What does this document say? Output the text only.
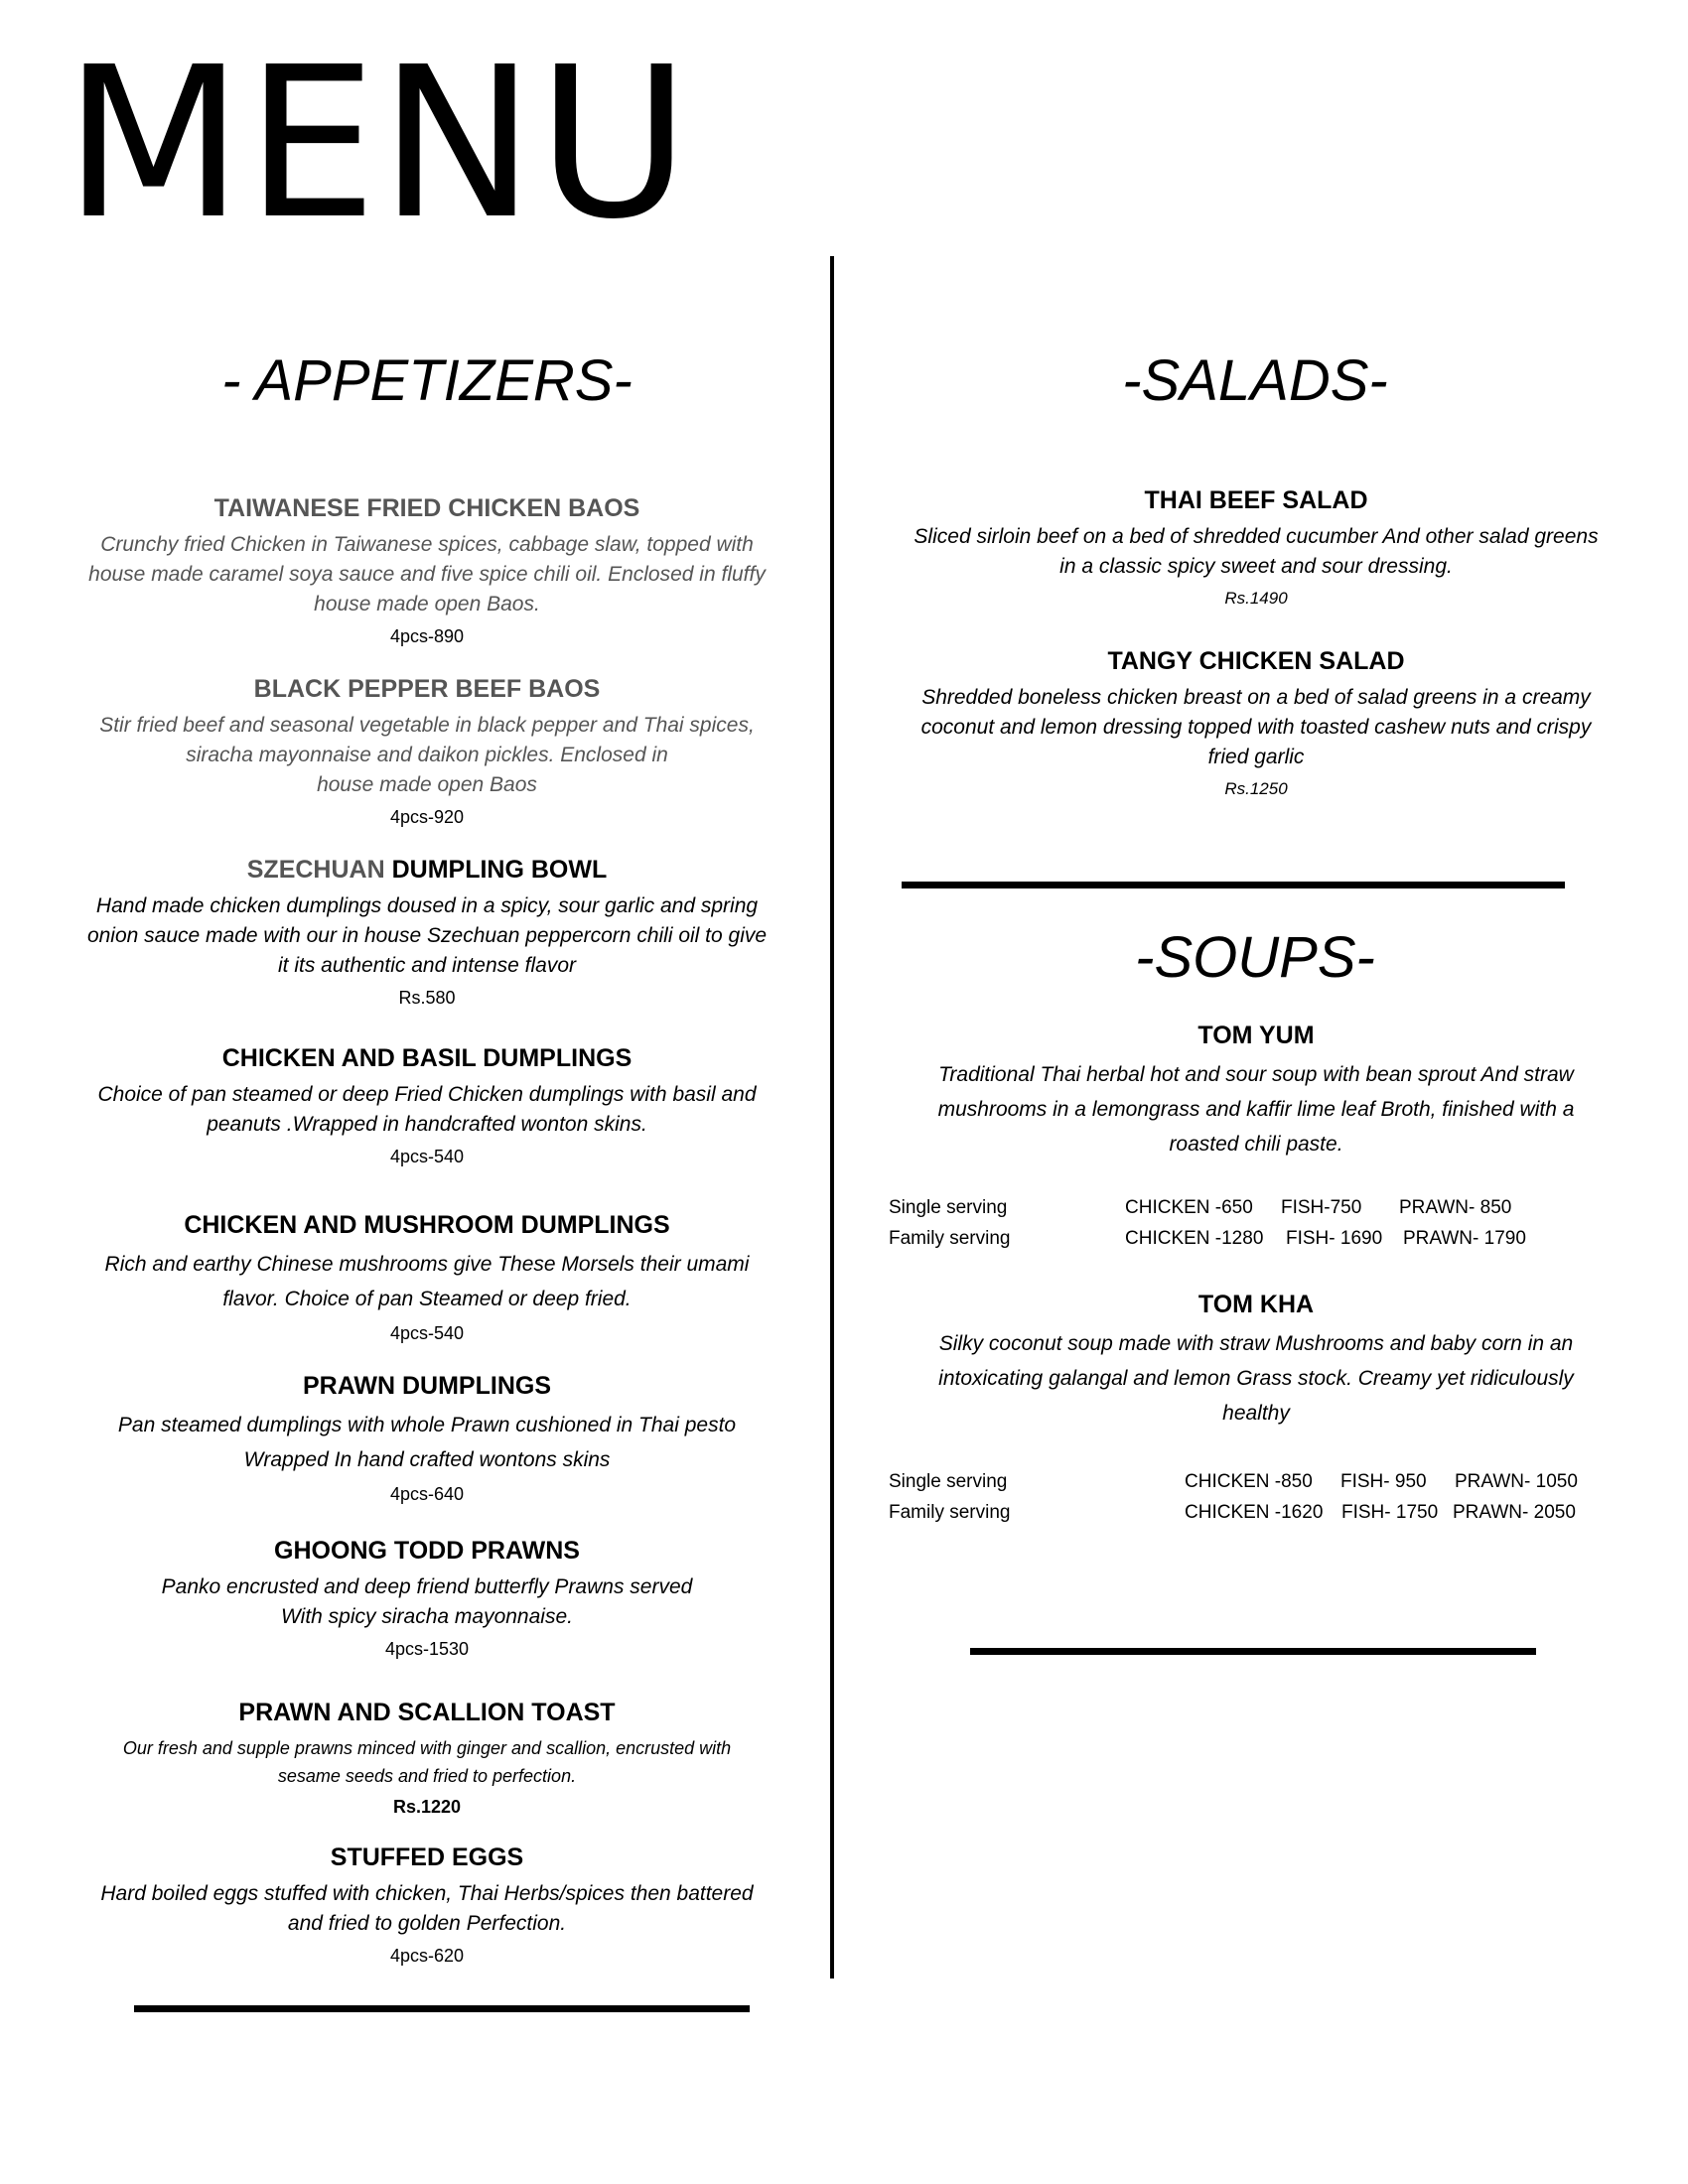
MENU
- APPETIZERS-
TAIWANESE FRIED CHICKEN BAOS

Crunchy fried Chicken in Taiwanese spices, cabbage slaw, topped with
house made caramel soya sauce and five spice chili oil. Enclosed in fluffy
house made open Baos.

4pcs-890

BLACK PEPPER BEEF BAOS

Stir fried beef and seasonal vegetable in black pepper and Thai spices,
siracha mayonnaise and daikon pickles. Enclosed in
house made open Baos

4pcs-920

SZECHUAN DUMPLING BOWL

Hand made chicken dumplings doused in a spicy, sour garlic and spring
onion sauce made with our in house Szechuan peppercorn chili oil to give
it its authentic and intense flavor

Rs.580

CHICKEN AND BASIL DUMPLINGS

Choice of pan steamed or deep Fried Chicken dumplings with basil and
peanuts .Wrapped in handcrafted wonton skins.

4pcs-540

CHICKEN AND MUSHROOM DUMPLINGS

Rich and earthy Chinese mushrooms give These Morsels their umami
flavor. Choice of pan Steamed or deep fried.

4pcs-540

PRAWN DUMPLINGS

Pan steamed dumplings with whole Prawn cushioned in Thai pesto
Wrapped In hand crafted wontons skins

4pcs-640

GHOONG TODD PRAWNS

Panko encrusted and deep friend butterfly Prawns served
With spicy siracha mayonnaise.

4pcs-1530

PRAWN AND SCALLION TOAST

Our fresh and supple prawns minced with ginger and scallion, encrusted with
sesame seeds and fried to perfection.

Rs.1220

STUFFED EGGS

Hard boiled eggs stuffed with chicken, Thai Herbs/spices then battered
and fried to golden Perfection.

4pcs-620

-SALADS-
THAI BEEF SALAD

Sliced sirloin beef on a bed of shredded cucumber And other salad greens
in a classic spicy sweet and sour dressing.

Rs.1490

TANGY CHICKEN SALAD

Shredded boneless chicken breast on a bed of salad greens in a creamy
coconut and lemon dressing topped with toasted cashew nuts and crispy
fried garlic

Rs.1250

-SOUPS-
TOM YUM

Traditional Thai herbal hot and sour soup with bean sprout And straw
mushrooms in a lemongrass and kaffir lime leaf Broth, finished with a
roasted chili paste.

Single serving	CHICKEN -650 FISH-750 PRAWN- 850
Family serving	CHICKEN -1280 FISH- 1690 PRAWN- 1790
TOM KHA

Silky coconut soup made with straw Mushrooms and baby corn in an
intoxicating galangal and lemon Grass stock. Creamy yet ridiculously
healthy

Single serving	CHICKEN -850 FISH- 950 PRAWN- 1050
Family serving	CHICKEN -1620 FISH- 1750 PRAWN- 2050
